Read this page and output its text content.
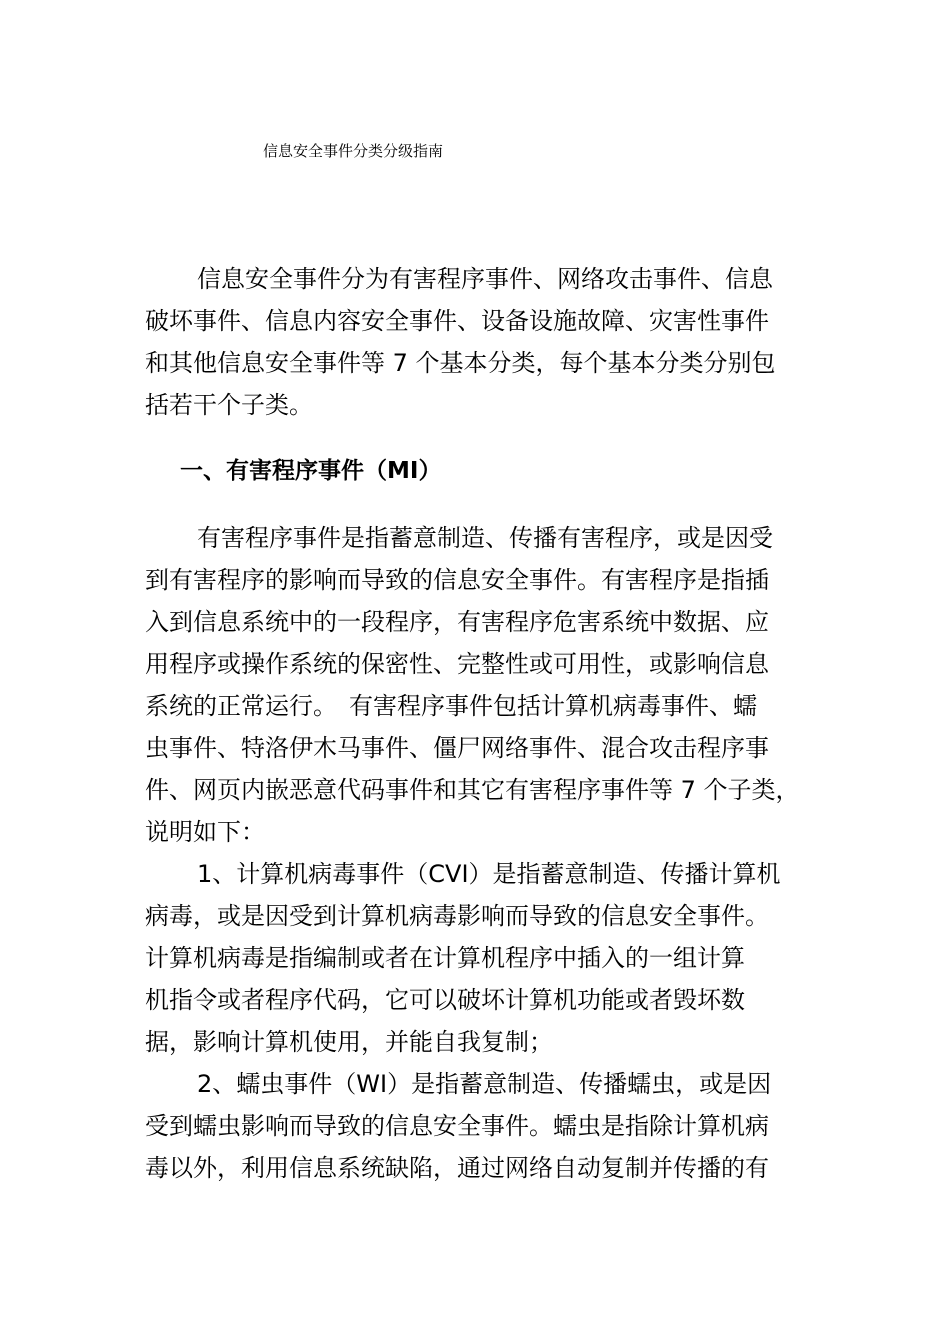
信息安全事件分类分级指南
信息安全事件分为有害程序事件、网络攻击事件、信息
破坏事件、信息内容安全事件、设备设施故障、灾害性事件
和其他信息安全事件等 7 个基本分类，每个基本分类分别包
括若干个子类。
一、有害程序事件（MI）
有害程序事件是指蓄意制造、传播有害程序，或是因受
到有害程序的影响而导致的信息安全事件。有害程序是指插
入到信息系统中的一段程序，有害程序危害系统中数据、应
用程序或操作系统的保密性、完整性或可用性，或影响信息
系统的正常运行。　有害程序事件包括计算机病毒事件、蠕
虫事件、特洛伊木马事件、僵尸网络事件、混合攻击程序事
件、网页内嵌恶意代码事件和其它有害程序事件等 7 个子类，
说明如下：
1、计算机病毒事件（CVI）是指蓄意制造、传播计算机
病毒，或是因受到计算机病毒影响而导致的信息安全事件。
计算机病毒是指编制或者在计算机程序中插入的一组计算
机指令或者程序代码，它可以破坏计算机功能或者毁坏数
据，影响计算机使用，并能自我复制；
2、蠕虫事件（WI）是指蓄意制造、传播蠕虫，或是因
受到蠕虫影响而导致的信息安全事件。蠕虫是指除计算机病
毒以外，利用信息系统缺陷，通过网络自动复制并传播的有
